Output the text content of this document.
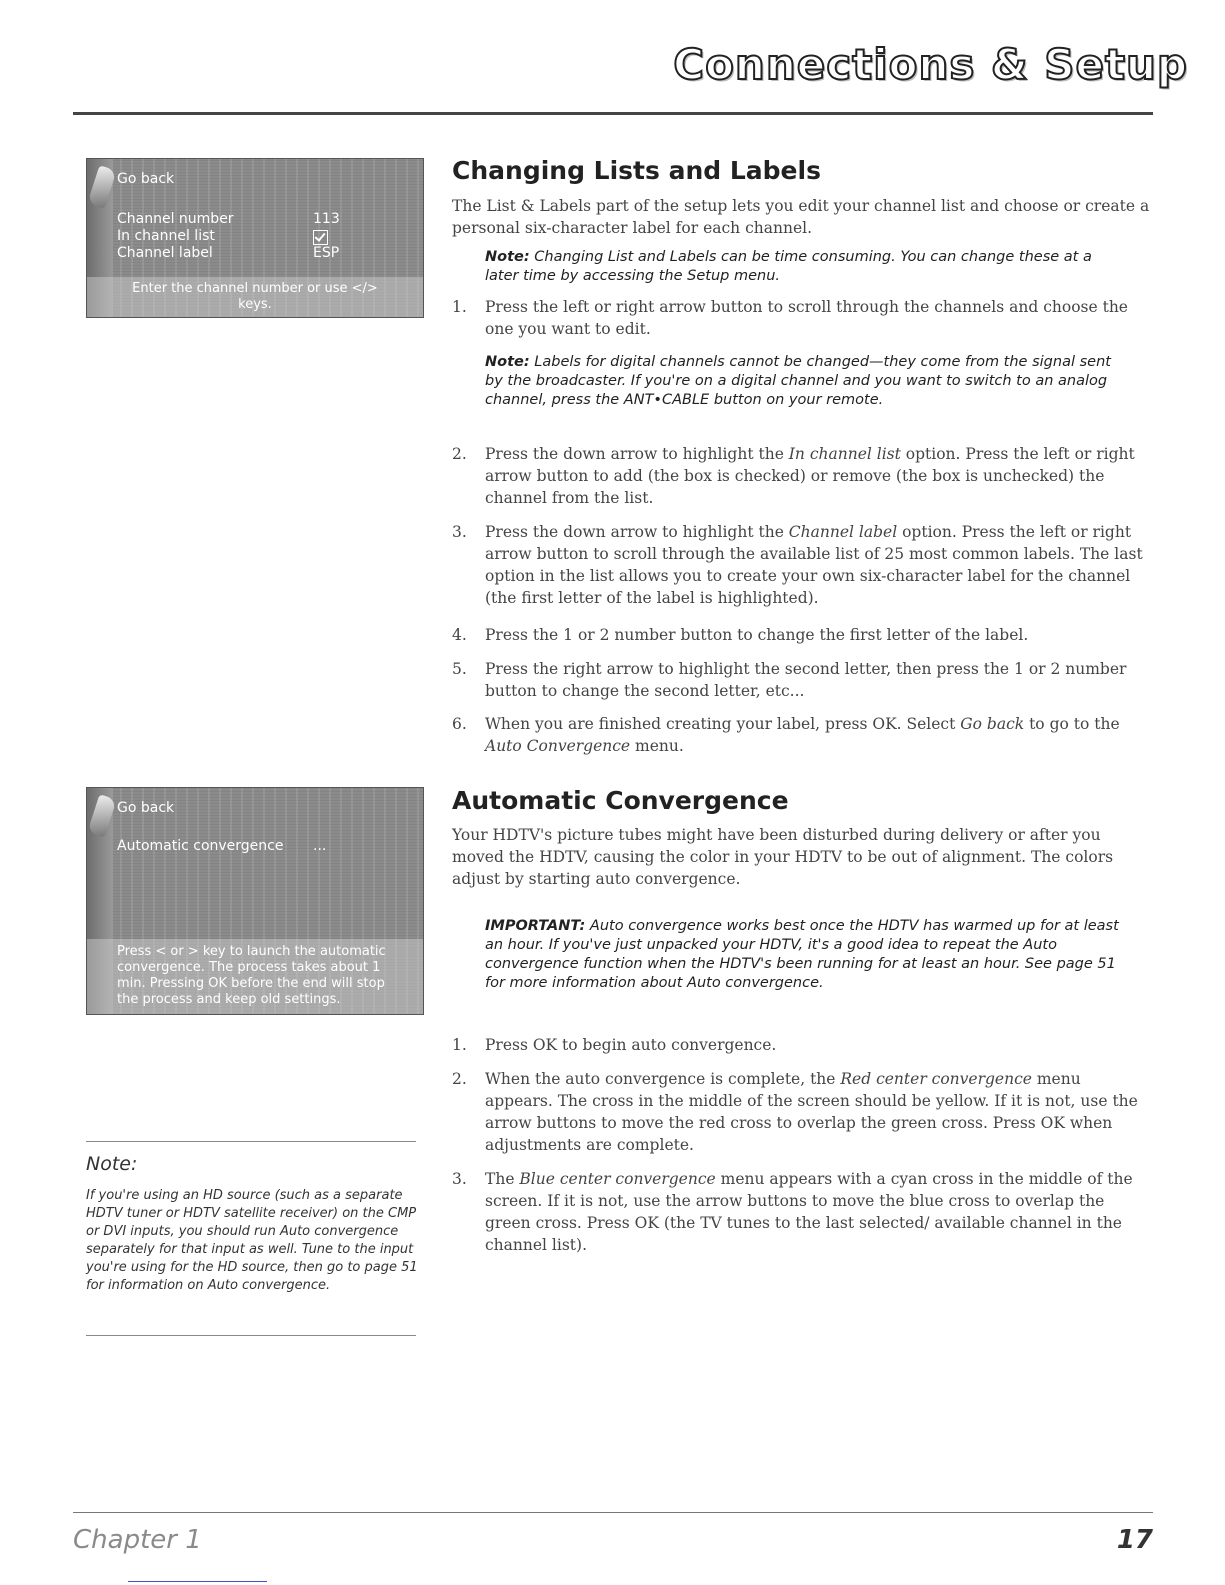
Connections & Setup
Go back
Channel number	113
In channel list
Channel label	ESP
Enter the channel number or use </> keys.
Changing Lists and Labels

The List & Labels part of the setup lets you edit your channel list and choose or create a personal six-character label for each channel.

Note: Changing List and Labels can be time consuming. You can change these at a later time by accessing the Setup menu.

1. Press the left or right arrow button to scroll through the channels and choose the one you want to edit.

Note: Labels for digital channels cannot be changed—they come from the signal sent by the broadcaster. If you're on a digital channel and you want to switch to an analog channel, press the ANT•CABLE button on your remote.

2. Press the down arrow to highlight the In channel list option. Press the left or right arrow button to add (the box is checked) or remove (the box is unchecked) the channel from the list.
3. Press the down arrow to highlight the Channel label option. Press the left or right arrow button to scroll through the available list of 25 most common labels. The last option in the list allows you to create your own six-character label for the channel (the first letter of the label is highlighted).
4. Press the 1 or 2 number button to change the first letter of the label.
5. Press the right arrow to highlight the second letter, then press the 1 or 2 number button to change the second letter, etc...
6. When you are finished creating your label, press OK. Select Go back to go to the Auto Convergence menu.
Go back
Automatic convergence ...
Press < or > key to launch the automatic convergence. The process takes about 1 min. Pressing OK before the end will stop the process and keep old settings.
Automatic Convergence

Your HDTV's picture tubes might have been disturbed during delivery or after you moved the HDTV, causing the color in your HDTV to be out of alignment. The colors adjust by starting auto convergence.

IMPORTANT: Auto convergence works best once the HDTV has warmed up for at least an hour. If you've just unpacked your HDTV, it's a good idea to repeat the Auto convergence function when the HDTV's been running for at least an hour. See page 51 for more information about Auto convergence.

1. Press OK to begin auto convergence.
2. When the auto convergence is complete, the Red center convergence menu appears. The cross in the middle of the screen should be yellow. If it is not, use the arrow buttons to move the red cross to overlap the green cross. Press OK when adjustments are complete.
3. The Blue center convergence menu appears with a cyan cross in the middle of the screen. If it is not, use the arrow buttons to move the blue cross to overlap the green cross. Press OK (the TV tunes to the last selected/ available channel in the channel list).
Note:
If you're using an HD source (such as a separate HDTV tuner or HDTV satellite receiver) on the CMP or DVI inputs, you should run Auto convergence separately for that input as well. Tune to the input you're using for the HD source, then go to page 51 for information on Auto convergence.
Chapter 1	17
